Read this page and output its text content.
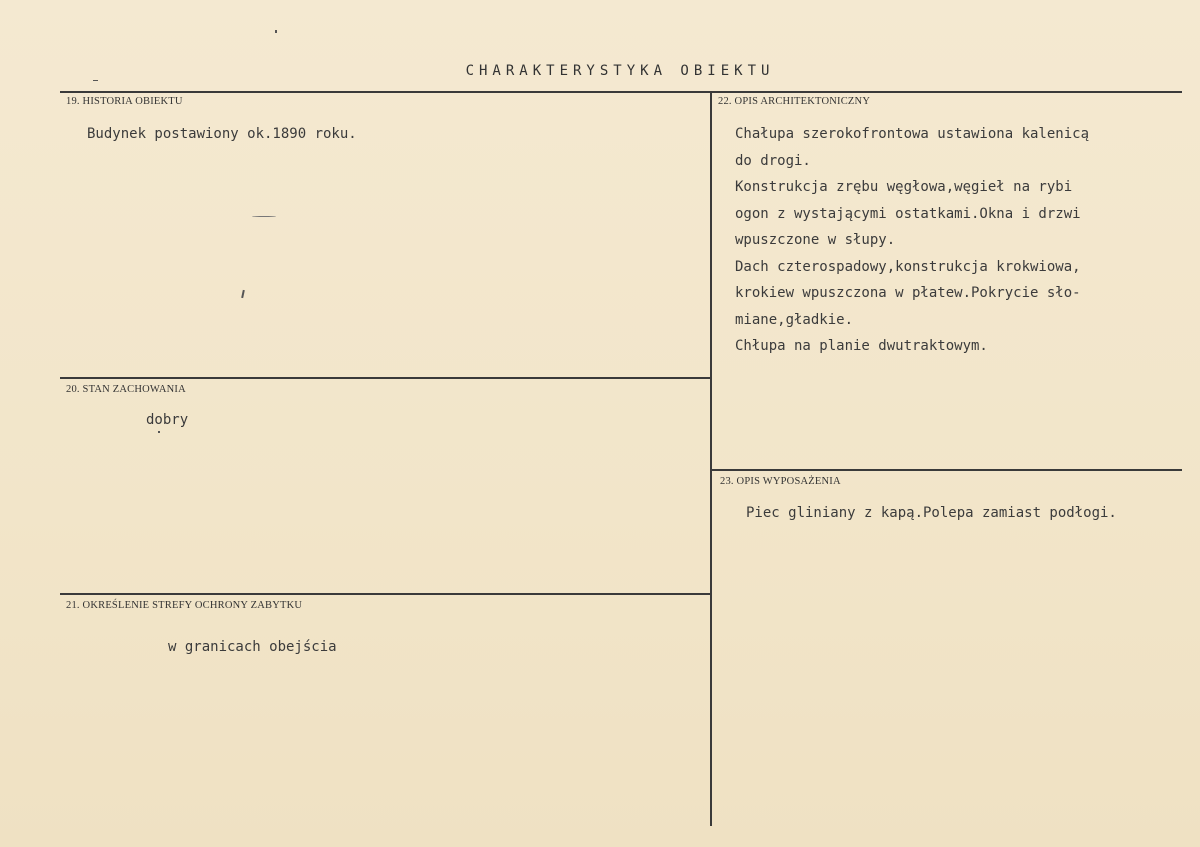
CHARAKTERYSTYKA OBIEKTU
19. HISTORIA OBIEKTU
Budynek postawiony ok.1890 roku.
20. STAN ZACHOWANIA
dobry
21. OKREŚLENIE STREFY OCHRONY ZABYTKU
w granicach obejścia
22. OPIS ARCHITEKTONICZNY
Chałupa szerokofrontowa ustawiona kalenicą
do drogi.
Konstrukcja zrębu węgłowa,węgieł na rybi
ogon z wystającymi ostatkami.Okna i drzwi
wpuszczone w słupy.
Dach czterospadowy,konstrukcja krokwiowa,
krokiew wpuszczona w płatew.Pokrycie sło-
miane,gładkie.
Chłupa na planie dwutraktowym.
23. OPIS WYPOSAŻENIA
Piec gliniany z kapą.Polepa zamiast podłogi.
